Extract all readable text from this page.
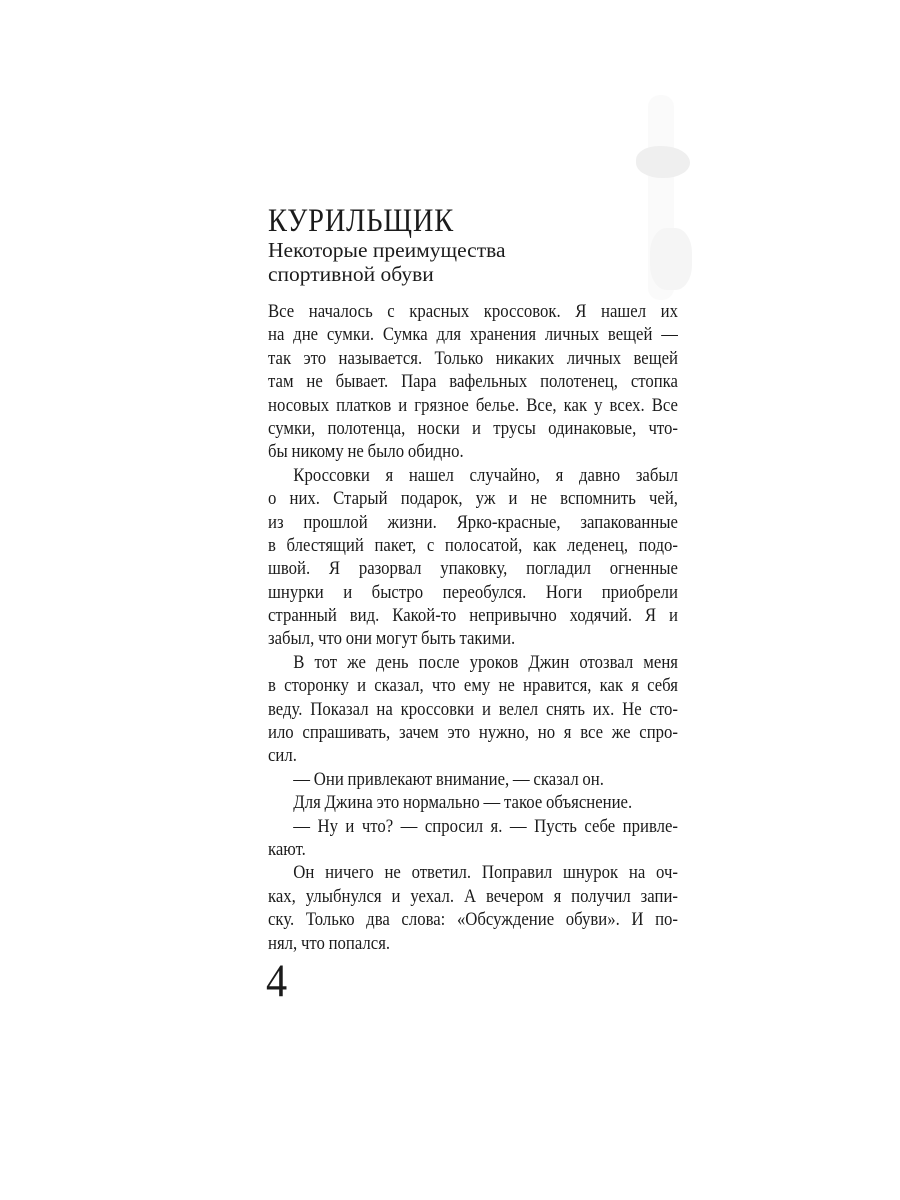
КУРИЛЬЩИК
Некоторые преимущества
спортивной обуви
Все началось с красных кроссовок. Я нашел их
на дне сумки. Сумка для хранения личных вещей —
так это называется. Только никаких личных вещей
там не бывает. Пара вафельных полотенец, стопка
носовых платков и грязное белье. Все, как у всех. Все
сумки, полотенца, носки и трусы одинаковые, что-
бы никому не было обидно.
Кроссовки я нашел случайно, я давно забыл
о них. Старый подарок, уж и не вспомнить чей,
из прошлой жизни. Ярко-красные, запакованные
в блестящий пакет, с полосатой, как леденец, подо-
швой. Я разорвал упаковку, погладил огненные
шнурки и быстро переобулся. Ноги приобрели
странный вид. Какой-то непривычно ходячий. Я и
забыл, что они могут быть такими.
В тот же день после уроков Джин отозвал меня
в сторонку и сказал, что ему не нравится, как я себя
веду. Показал на кроссовки и велел снять их. Не сто-
ило спрашивать, зачем это нужно, но я все же спро-
сил.
— Они привлекают внимание, — сказал он.
Для Джина это нормально — такое объяснение.
— Ну и что? — спросил я. — Пусть себе привле-
кают.
Он ничего не ответил. Поправил шнурок на оч-
ках, улыбнулся и уехал. А вечером я получил запи-
ску. Только два слова: «Обсуждение обуви». И по-
нял, что попался.
4
